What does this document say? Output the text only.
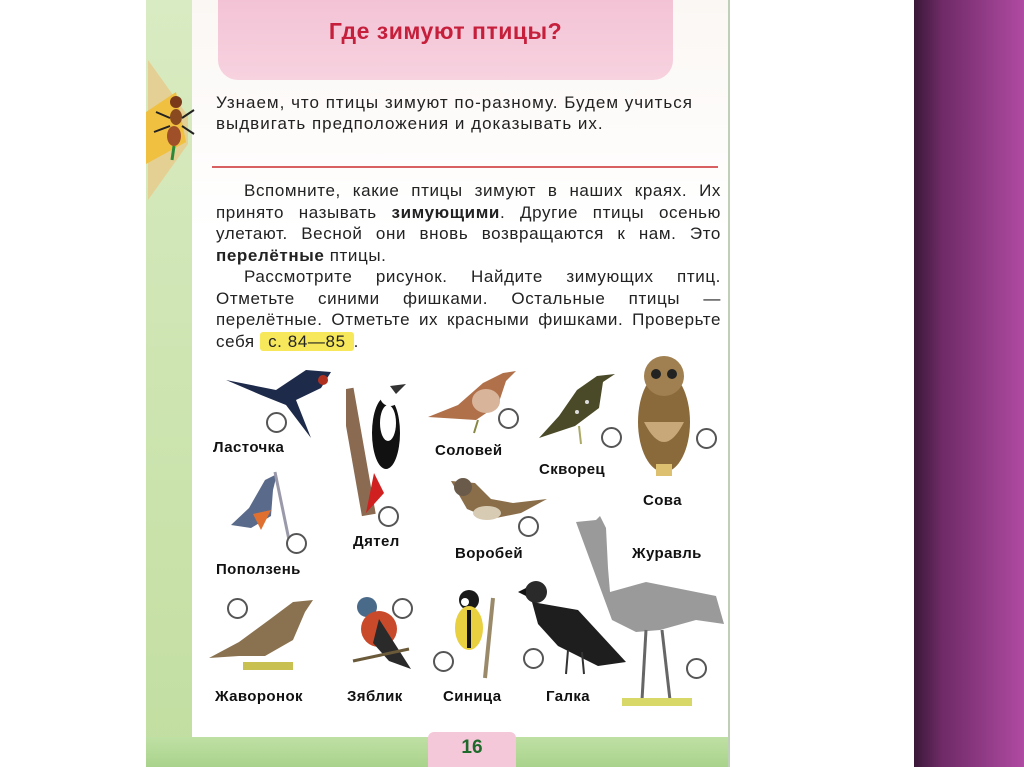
Где зимуют птицы?
Узнаем, что птицы зимуют по-разному. Будем учиться выдвигать предположения и доказывать их.

Вспомните, какие птицы зимуют в наших краях. Их принято называть зимующими. Другие птицы осенью улетают. Весной они вновь возвращаются к нам. Это перелётные птицы.

Рассмотрите рисунок. Найдите зимующих птиц. Отметьте синими фишками. Остальные птицы — перелётные. Отметьте их красными фишками. Проверьте себя с. 84—85 .

Ласточка
Дятел
Соловей
Скворец
Сова
Поползень
Воробей	Журавль
Жаворонок	Зяблик	Синица	Галка
16
